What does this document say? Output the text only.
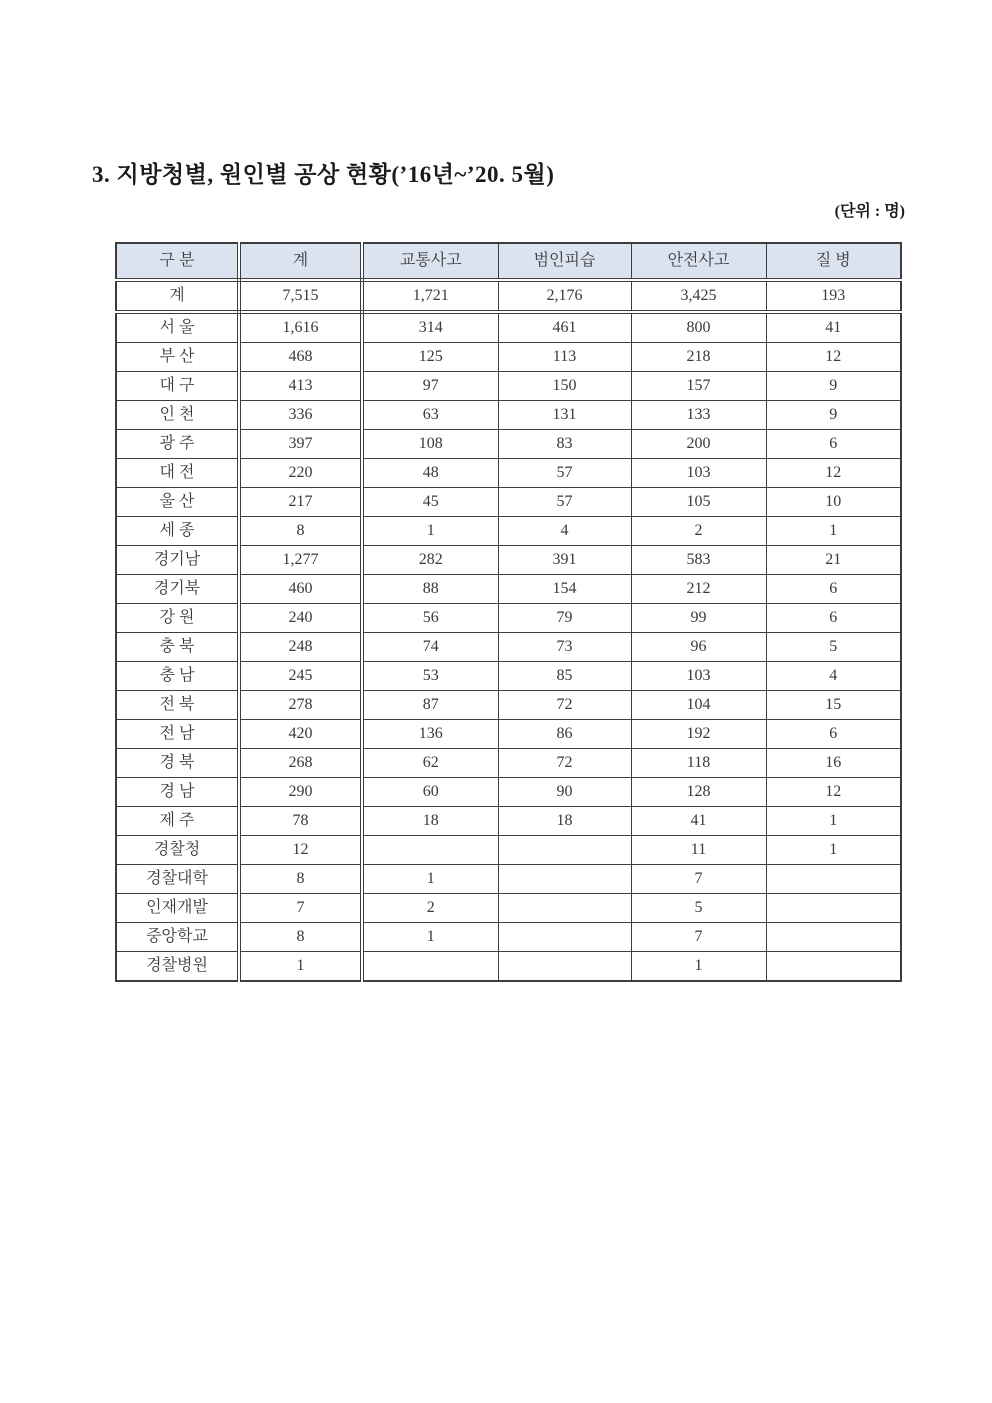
3. 지방청별, 원인별 공상 현황(’16년~’20. 5월)
(단위 : 명)
구 분	계	교통사고	범인피습	안전사고	질 병
계	7,515	1,721	2,176	3,425	193
서 울	1,616	314	461	800	41
부 산	468	125	113	218	12
대 구	413	97	150	157	9
인 천	336	63	131	133	9
광 주	397	108	83	200	6
대 전	220	48	57	103	12
울 산	217	45	57	105	10
세 종	8	1	4	2	1
경기남	1,277	282	391	583	21
경기북	460	88	154	212	6
강 원	240	56	79	99	6
충 북	248	74	73	96	5
충 남	245	53	85	103	4
전 북	278	87	72	104	15
전 남	420	136	86	192	6
경 북	268	62	72	118	16
경 남	290	60	90	128	12
제 주	78	18	18	41	1
경찰청	12			11	1
경찰대학	8	1		7	
인재개발	7	2		5	
중앙학교	8	1		7	
경찰병원	1			1	
